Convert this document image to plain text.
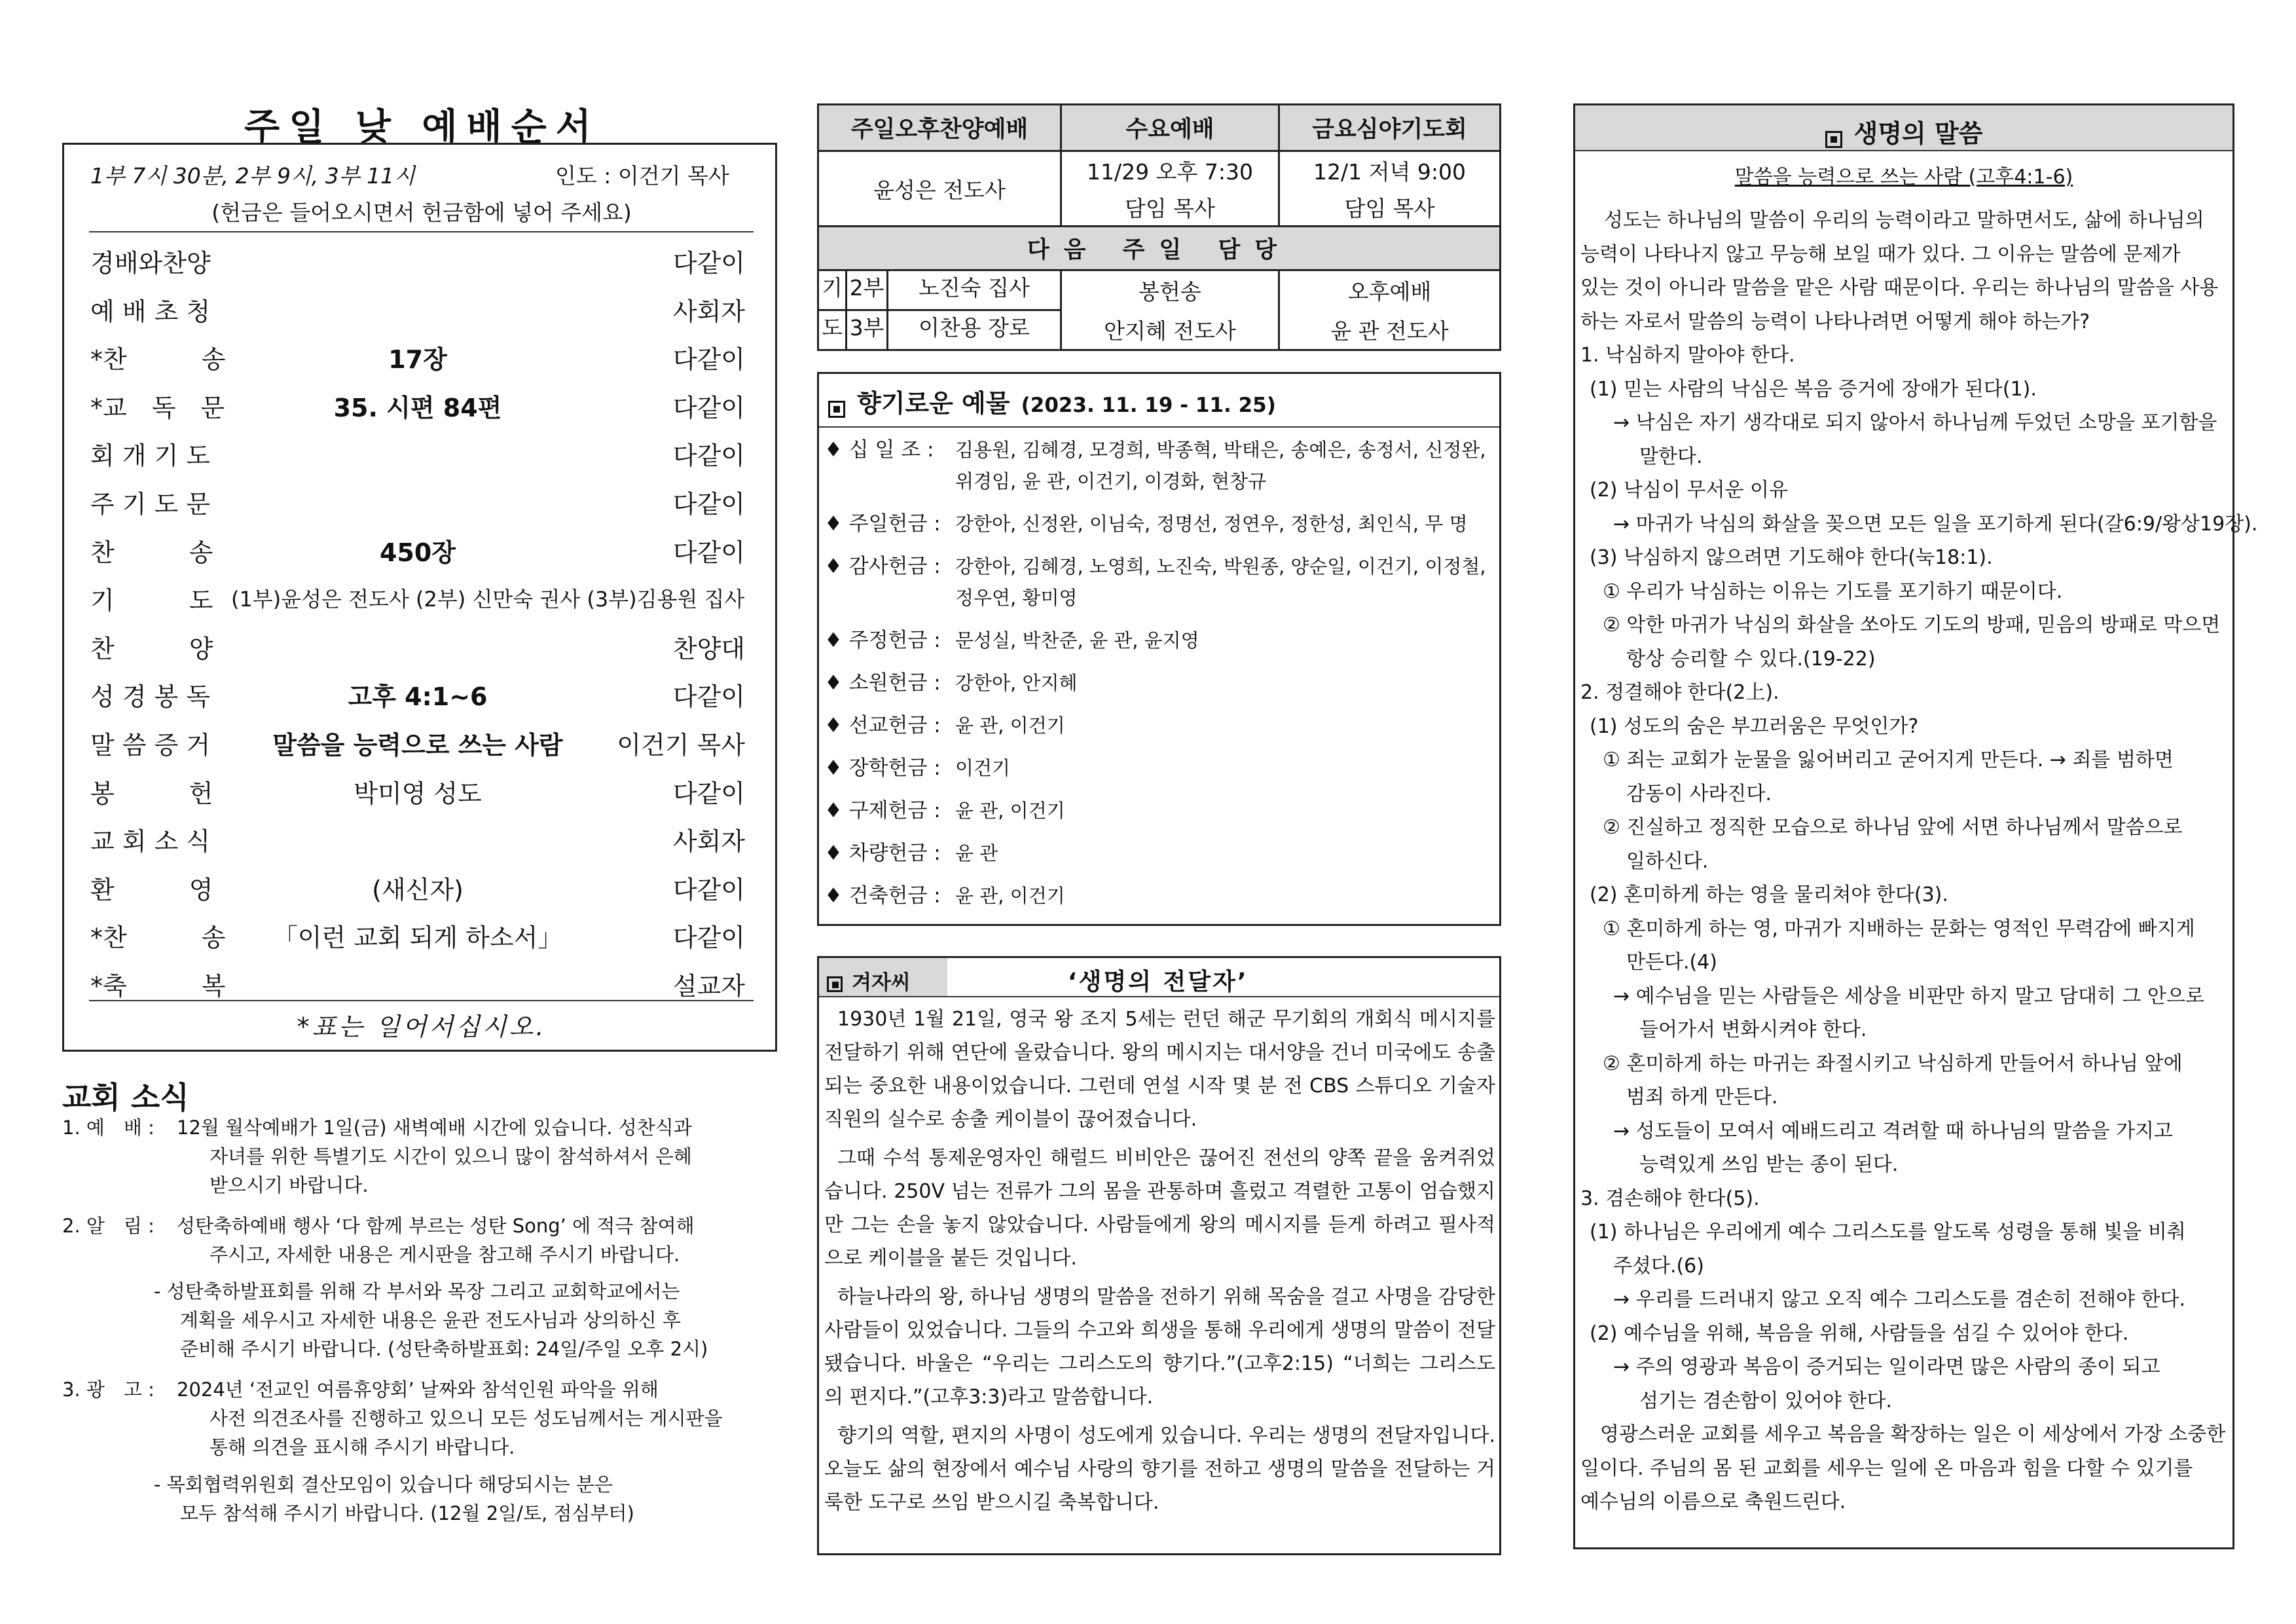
주일 낮 예배순서
1부 7시 30분, 2부 9시, 3부 11시	인도 : 이건기 목사
(헌금은 들어오시면서 헌금함에 넣어 주세요)
경배와찬양	다같이
예 배 초 청	사회자
*찬　　　송	17장	다같이
*교　독　문	35. 시편 84편	다같이
회 개 기 도	다같이
주 기 도 문	다같이
찬　　　송	450장	다같이
기　　　도 (1부)윤성은 전도사 (2부) 신만숙 권사 (3부)김용원 집사
찬　　　양	찬양대
성 경 봉 독	고후 4:1~6	다같이
말 씀 증 거	말씀을 능력으로 쓰는 사람	이건기 목사
봉　　　헌	박미영 성도	다같이
교 회 소 식	사회자
환　　　영	(새신자)	다같이
*찬　　　송	「이런 교회 되게 하소서」	다같이
*축　　　복	설교자
*표는 일어서십시오.
교회 소식
1. 예　배 : 12월 월삭예배가 1일(금) 새벽예배 시간에 있습니다. 성찬식과
자녀를 위한 특별기도 시간이 있으니 많이 참석하셔서 은혜
받으시기 바랍니다.
2. 알　림 : 성탄축하예배 행사 ‘다 함께 부르는 성탄 Song’ 에 적극 참여해
주시고, 자세한 내용은 게시판을 참고해 주시기 바랍니다.
- 성탄축하발표회를 위해 각 부서와 목장 그리고 교회학교에서는
계획을 세우시고 자세한 내용은 윤관 전도사님과 상의하신 후
준비해 주시기 바랍니다. (성탄축하발표회: 24일/주일 오후 2시)
3. 광　고 : 2024년 ‘전교인 여름휴양회’ 날짜와 참석인원 파악을 위해
사전 의견조사를 진행하고 있으니 모든 성도님께서는 게시판을
통해 의견을 표시해 주시기 바랍니다.
- 목회협력위원회 결산모임이 있습니다 해당되시는 분은
모두 참석해 주시기 바랍니다. (12월 2일/토, 점심부터)
주일오후찬양예배	수요예배	금요심야기도회
윤성은 전도사	11/29 오후 7:30	12/1 저녁 9:00
	담임 목사	담임 목사
다음 주일 담당		

기 2부 노진숙 집사	봉헌송	오후예배

도 3부 이찬용 장로	안지혜 전도사	윤 관 전도사
향기로운 예물 (2023. 11. 19 - 11. 25)
♦ 십 일 조 : 김용원, 김혜경, 모경희, 박종혁, 박태은, 송예은, 송정서, 신정완,
위경임, 윤 관, 이건기, 이경화, 현창규
♦ 주일헌금 : 강한아, 신정완, 이님숙, 정명선, 정연우, 정한성, 최인식, 무 명
♦ 감사헌금 : 강한아, 김혜경, 노영희, 노진숙, 박원종, 양순일, 이건기, 이정철,
정우연, 황미영
♦ 주정헌금 : 문성실, 박찬준, 윤 관, 윤지영
♦ 소원헌금 : 강한아, 안지혜
♦ 선교헌금 : 윤 관, 이건기
♦ 장학헌금 : 이건기
♦ 구제헌금 : 윤 관, 이건기
♦ 차량헌금 : 윤 관
♦ 건축헌금 : 윤 관, 이건기
겨자씨	‘생명의 전달자’
1930년 1월 21일, 영국 왕 조지 5세는 런던 해군 무기회의 개회식 메시지를 전달하기 위해 연단에 올랐습니다. 왕의 메시지는 대서양을 건너 미국에도 송출되는 중요한 내용이었습니다. 그런데 연설 시작 몇 분 전 CBS 스튜디오 기술자 직원의 실수로 송출 케이블이 끊어졌습니다.
그때 수석 통제운영자인 해럴드 비비안은 끊어진 전선의 양쪽 끝을 움켜쥐었습니다. 250V 넘는 전류가 그의 몸을 관통하며 흘렀고 격렬한 고통이 엄습했지만 그는 손을 놓지 않았습니다. 사람들에게 왕의 메시지를 듣게 하려고 필사적으로 케이블을 붙든 것입니다.
하늘나라의 왕, 하나님 생명의 말씀을 전하기 위해 목숨을 걸고 사명을 감당한 사람들이 있었습니다. 그들의 수고와 희생을 통해 우리에게 생명의 말씀이 전달됐습니다. 바울은 “우리는 그리스도의 향기다.”(고후2:15) “너희는 그리스도의 편지다.”(고후3:3)라고 말씀합니다.
향기의 역할, 편지의 사명이 성도에게 있습니다. 우리는 생명의 전달자입니다. 오늘도 삶의 현장에서 예수님 사랑의 향기를 전하고 생명의 말씀을 전달하는 거룩한 도구로 쓰임 받으시길 축복합니다.
생명의 말씀
말씀을 능력으로 쓰는 사람 (고후4:1-6)
성도는 하나님의 말씀이 우리의 능력이라고 말하면서도, 삶에 하나님의
능력이 나타나지 않고 무능해 보일 때가 있다. 그 이유는 말씀에 문제가
있는 것이 아니라 말씀을 맡은 사람 때문이다. 우리는 하나님의 말씀을 사용
하는 자로서 말씀의 능력이 나타나려면 어떻게 해야 하는가?
1. 낙심하지 말아야 한다.
(1) 믿는 사람의 낙심은 복음 증거에 장애가 된다(1).
→ 낙심은 자기 생각대로 되지 않아서 하나님께 두었던 소망을 포기함을
말한다.
(2) 낙심이 무서운 이유
→ 마귀가 낙심의 화살을 꽂으면 모든 일을 포기하게 된다(갈6:9/왕상19장).
(3) 낙심하지 않으려면 기도해야 한다(눅18:1).
① 우리가 낙심하는 이유는 기도를 포기하기 때문이다.
② 악한 마귀가 낙심의 화살을 쏘아도 기도의 방패, 믿음의 방패로 막으면
항상 승리할 수 있다.(19-22)
2. 정결해야 한다(2上).
(1) 성도의 숨은 부끄러움은 무엇인가?
① 죄는 교회가 눈물을 잃어버리고 굳어지게 만든다. → 죄를 범하면
감동이 사라진다.
② 진실하고 정직한 모습으로 하나님 앞에 서면 하나님께서 말씀으로
일하신다.
(2) 혼미하게 하는 영을 물리쳐야 한다(3).
① 혼미하게 하는 영, 마귀가 지배하는 문화는 영적인 무력감에 빠지게
만든다.(4)
→ 예수님을 믿는 사람들은 세상을 비판만 하지 말고 담대히 그 안으로
들어가서 변화시켜야 한다.
② 혼미하게 하는 마귀는 좌절시키고 낙심하게 만들어서 하나님 앞에
범죄 하게 만든다.
→ 성도들이 모여서 예배드리고 격려할 때 하나님의 말씀을 가지고
능력있게 쓰임 받는 종이 된다.
3. 겸손해야 한다(5).
(1) 하나님은 우리에게 예수 그리스도를 알도록 성령을 통해 빛을 비춰
주셨다.(6)
→ 우리를 드러내지 않고 오직 예수 그리스도를 겸손히 전해야 한다.
(2) 예수님을 위해, 복음을 위해, 사람들을 섬길 수 있어야 한다.
→ 주의 영광과 복음이 증거되는 일이라면 많은 사람의 종이 되고
섬기는 겸손함이 있어야 한다.
영광스러운 교회를 세우고 복음을 확장하는 일은 이 세상에서 가장 소중한
일이다. 주님의 몸 된 교회를 세우는 일에 온 마음과 힘을 다할 수 있기를
예수님의 이름으로 축원드린다.
